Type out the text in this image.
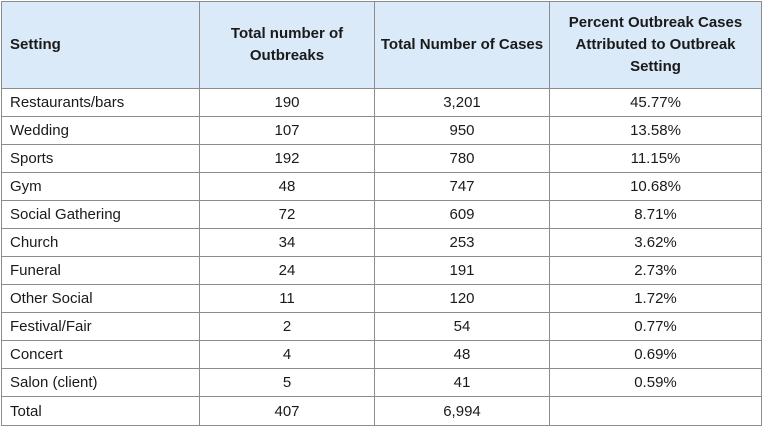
Setting	Total number of Outbreaks	Total Number of Cases	Percent Outbreak Cases Attributed to Outbreak Setting
Restaurants/bars	190	3,201	45.77%
Wedding	107	950	13.58%
Sports	192	780	11.15%
Gym	48	747	10.68%
Social Gathering	72	609	8.71%
Church	34	253	3.62%
Funeral	24	191	2.73%
Other Social	11	120	1.72%
Festival/Fair	2	54	0.77%
Concert	4	48	0.69%
Salon (client)	5	41	0.59%
Total	407	6,994	
